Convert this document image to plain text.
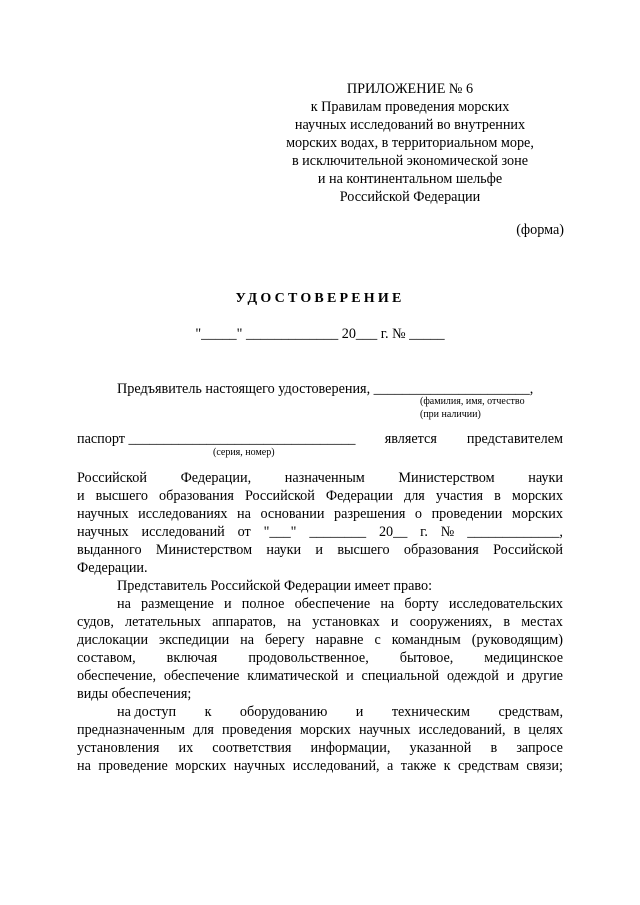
ПРИЛОЖЕНИЕ № 6
к Правилам проведения морских
научных исследований во внутренних
морских водах, в территориальном море,
в исключительной экономической зоне
и на континентальном шельфе
Российской Федерации
(форма)
УДОСТОВЕРЕНИЕ
"_____" _____________ 20___ г. № _____
Предъявитель настоящего удостоверения, ______________________,
(фамилия, имя, отчество
(при наличии)
паспорт ________________________________ является представителем
(серия, номер)
Российской Федерации, назначенным Министерством науки
и высшего образования Российской Федерации для участия в морских
научных исследованиях на основании разрешения о проведении морских
научных исследований от "___" ________ 20__ г. № _____________,
выданного Министерством науки и высшего образования Российской
Федерации.
Представитель Российской Федерации имеет право:
на размещение и полное обеспечение на борту исследовательских
судов, летательных аппаратов, на установках и сооружениях, в местах
дислокации экспедиции на берегу наравне с командным (руководящим)
составом, включая продовольственное, бытовое, медицинское
обеспечение, обеспечение климатической и специальной одеждой и другие
виды обеспечения;
на доступ к оборудованию и техническим средствам,
предназначенным для проведения морских научных исследований, в целях
установления их соответствия информации, указанной в запросе
на проведение морских научных исследований, а также к средствам связи;
